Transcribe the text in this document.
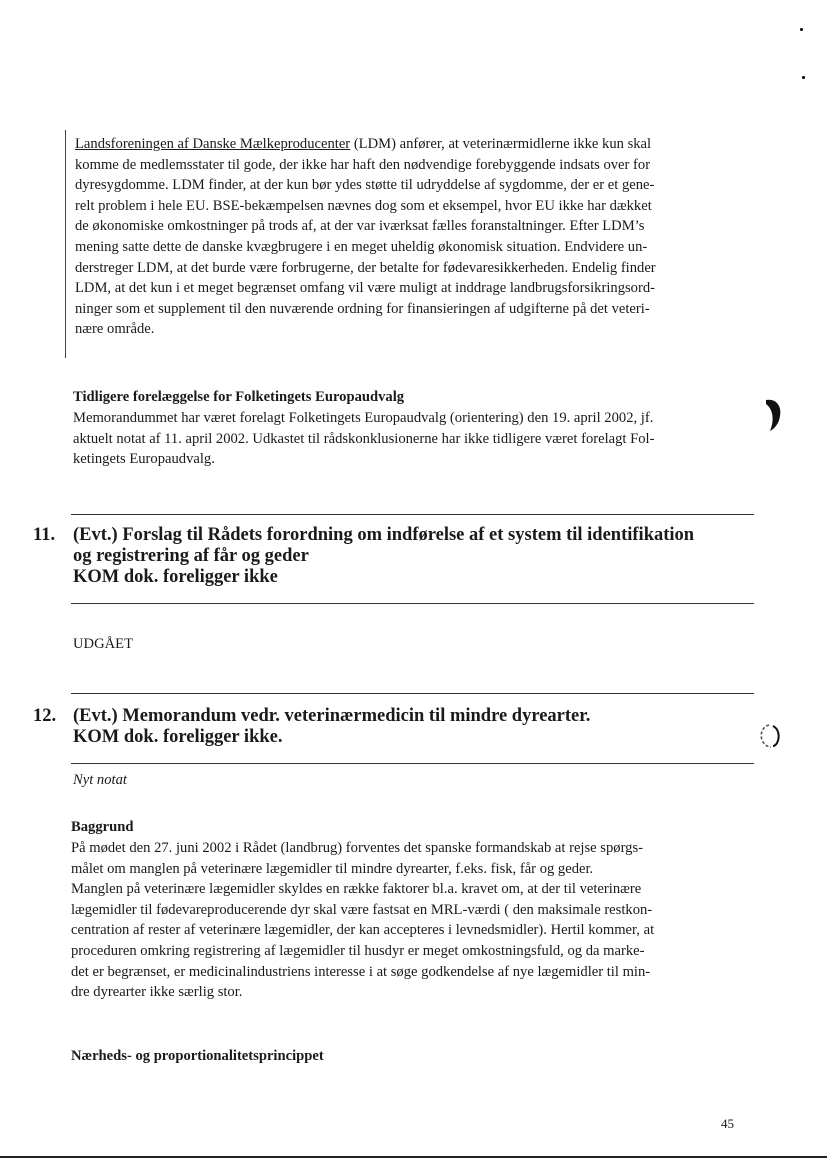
Landsforeningen af Danske Mælkeproducenter (LDM) anfører, at veterinærmidlerne ikke kun skal
komme de medlemsstater til gode, der ikke har haft den nødvendige forebyggende indsats over for
dyresygdomme. LDM finder, at der kun bør ydes støtte til udryddelse af sygdomme, der er et gene-
relt problem i hele EU. BSE-bekæmpelsen nævnes dog som et eksempel, hvor EU ikke har dækket
de økonomiske omkostninger på trods af, at der var iværksat fælles foranstaltninger. Efter LDM’s
mening satte dette de danske kvægbrugere i en meget uheldig økonomisk situation. Endvidere un-
derstreger LDM, at det burde være forbrugerne, der betalte for fødevaresikkerheden. Endelig finder
LDM, at det kun i et meget begrænset omfang vil være muligt at inddrage landbrugsforsikringsord-
ninger som et supplement til den nuværende ordning for finansieringen af udgifterne på det veteri-
nære område.
Tidligere forelæggelse for Folketingets Europaudvalg
Memorandummet har været forelagt Folketingets Europaudvalg (orientering) den 19. april 2002, jf.
aktuelt notat af 11. april 2002. Udkastet til rådskonklusionerne har ikke tidligere været forelagt Fol-
ketingets Europaudvalg.
11. (Evt.) Forslag til Rådets forordning om indførelse af et system til identifikation
og registrering af får og geder
KOM dok. foreligger ikke
UDGÅET
12. (Evt.) Memorandum vedr. veterinærmedicin til mindre dyrearter.
KOM dok. foreligger ikke.
Nyt notat
Baggrund
På mødet den 27. juni 2002 i Rådet (landbrug) forventes det spanske formandskab at rejse spørgs-
målet om manglen på veterinære lægemidler til mindre dyrearter, f.eks. fisk, får og geder.
Manglen på veterinære lægemidler skyldes en række faktorer bl.a. kravet om, at der til veterinære
lægemidler til fødevareproducerende dyr skal være fastsat en MRL-værdi ( den maksimale restkon-
centration af rester af veterinære lægemidler, der kan accepteres i levnedsmidler). Hertil kommer, at
proceduren omkring registrering af lægemidler til husdyr er meget omkostningsfuld, og da marke-
det er begrænset, er medicinalindustriens interesse i at søge godkendelse af nye lægemidler til min-
dre dyrearter ikke særlig stor.
Nærheds- og proportionalitetsprincippet
45
